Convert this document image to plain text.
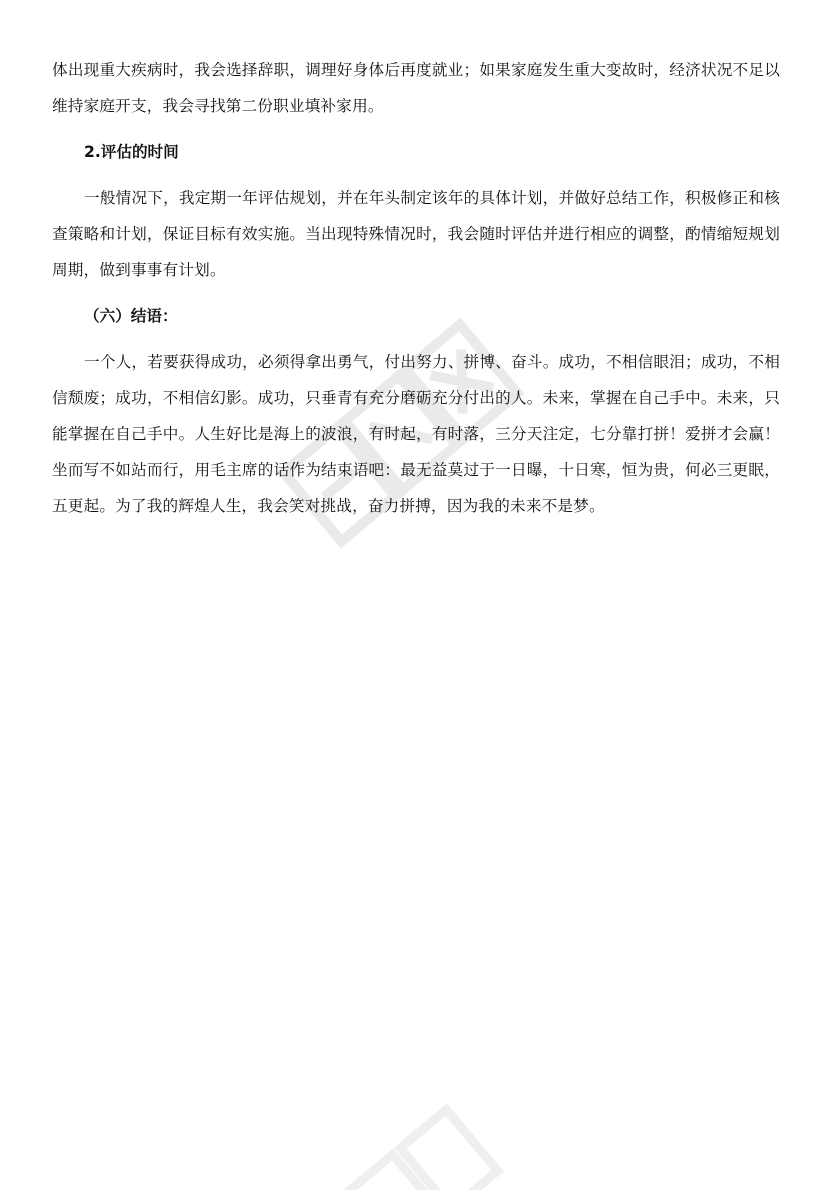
体出现重大疾病时，我会选择辞职，调理好身体后再度就业；如果家庭发生重大变故时，经济状况不足以维持家庭开支，我会寻找第二份职业填补家用。

2.评估的时间

一般情况下，我定期一年评估规划，并在年头制定该年的具体计划，并做好总结工作，积极修正和核查策略和计划，保证目标有效实施。当出现特殊情况时，我会随时评估并进行相应的调整，酌情缩短规划周期，做到事事有计划。

（六）结语：

一个人，若要获得成功，必须得拿出勇气，付出努力、拼博、奋斗。成功，不相信眼泪；成功，不相信颓废；成功，不相信幻影。成功，只垂青有充分磨砺充分付出的人。未来，掌握在自己手中。未来，只能掌握在自己手中。人生好比是海上的波浪，有时起，有时落，三分天注定，七分靠打拼！爱拼才会赢！坐而写不如站而行，用毛主席的话作为结束语吧：最无益莫过于一日曝，十日寒，恒为贵，何必三更眠，五更起。为了我的辉煌人生，我会笑对挑战，奋力拼搏，因为我的未来不是梦。
